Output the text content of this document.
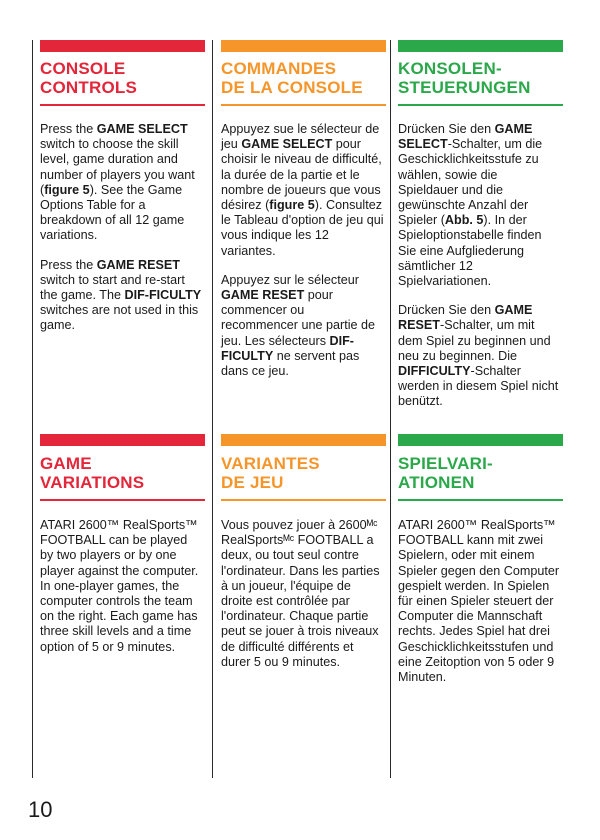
CONSOLE
CONTROLS

Press the GAME SELECT switch to choose the skill level, game duration and number of players you want (figure 5). See the Game Options Table for a breakdown of all 12 game variations.

Press the GAME RESET switch to start and re-start the game. The DIF-FICULTY switches are not used in this game.

COMMANDES
DE LA CONSOLE

Appuyez sue le sélecteur de jeu GAME SELECT pour choisir le niveau de difficulté, la durée de la partie et le nombre de joueurs que vous désirez (figure 5). Consultez le Tableau d'option de jeu qui vous indique les 12 variantes.

Appuyez sur le sélecteur GAME RESET pour commencer ou recommencer une partie de jeu. Les sélecteurs DIF-FICULTY ne servent pas dans ce jeu.

KONSOLEN-
STEUERUNGEN

Drücken Sie den GAME SELECT-Schalter, um die Geschicklichkeitsstufe zu wählen, sowie die Spieldauer und die gewünschte Anzahl der Spieler (Abb. 5). In der Spieloptionstabelle finden Sie eine Aufgliederung sämtlicher 12 Spielvariationen.

Drücken Sie den GAME RESET-Schalter, um mit dem Spiel zu beginnen und neu zu beginnen. Die DIFFICULTY-Schalter werden in diesem Spiel nicht benützt.

GAME
VARIATIONS

ATARI 2600™ RealSports™ FOOTBALL can be played by two players or by one player against the computer. In one-player games, the computer controls the team on the right. Each game has three skill levels and a time option of 5 or 9 minutes.

VARIANTES
DE JEU

Vous pouvez jouer à 2600ᴹᶜ RealSportsᴹᶜ FOOTBALL a deux, ou tout seul contre l'ordinateur. Dans les parties à un joueur, l'équipe de droite est contrôlée par l'ordinateur. Chaque partie peut se jouer à trois niveaux de difficulté différents et durer 5 ou 9 minutes.

SPIELVARI-
ATIONEN

ATARI 2600™ RealSports™ FOOTBALL kann mit zwei Spielern, oder mit einem Spieler gegen den Computer gespielt werden. In Spielen für einen Spieler steuert der Computer die Mannschaft rechts. Jedes Spiel hat drei Geschicklichkeitsstufen und eine Zeitoption von 5 oder 9 Minuten.

10
